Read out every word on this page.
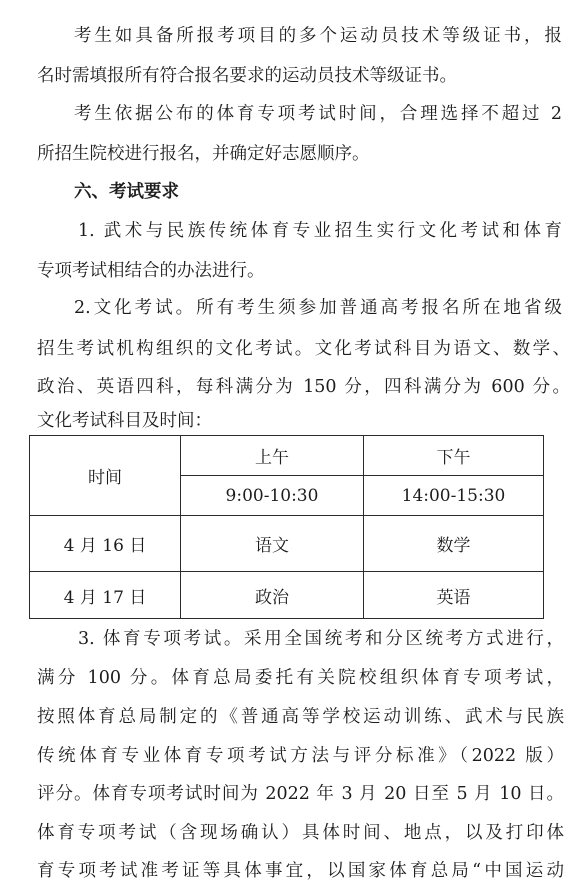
考生如具备所报考项目的多个运动员技术等级证书，报
名时需填报所有符合报名要求的运动员技术等级证书。
考生依据公布的体育专项考试时间，合理选择不超过 2
所招生院校进行报名，并确定好志愿顺序。
六、考试要求
1. 武术与民族传统体育专业招生实行文化考试和体育
专项考试相结合的办法进行。
2.文化考试。所有考生须参加普通高考报名所在地省级
招生考试机构组织的文化考试。文化考试科目为语文、数学、
政治、英语四科，每科满分为 150 分，四科满分为 600 分。
文化考试科目及时间：
时间	上午	下午
	9:00-10:30	14:00-15:30
4 月 16 日	语文	数学
4 月 17 日	政治	英语
3. 体育专项考试。采用全国统考和分区统考方式进行，
满分 100 分。体育总局委托有关院校组织体育专项考试，
按照体育总局制定的《普通高等学校运动训练、武术与民族
传统体育专业体育专项考试方法与评分标准》（2022 版）
评分。体育专项考试时间为 2022 年 3 月 20 日至 5 月 10 日。
体育专项考试（含现场确认）具体时间、地点，以及打印体
育专项考试准考证等具体事宜，以国家体育总局“中国运动
